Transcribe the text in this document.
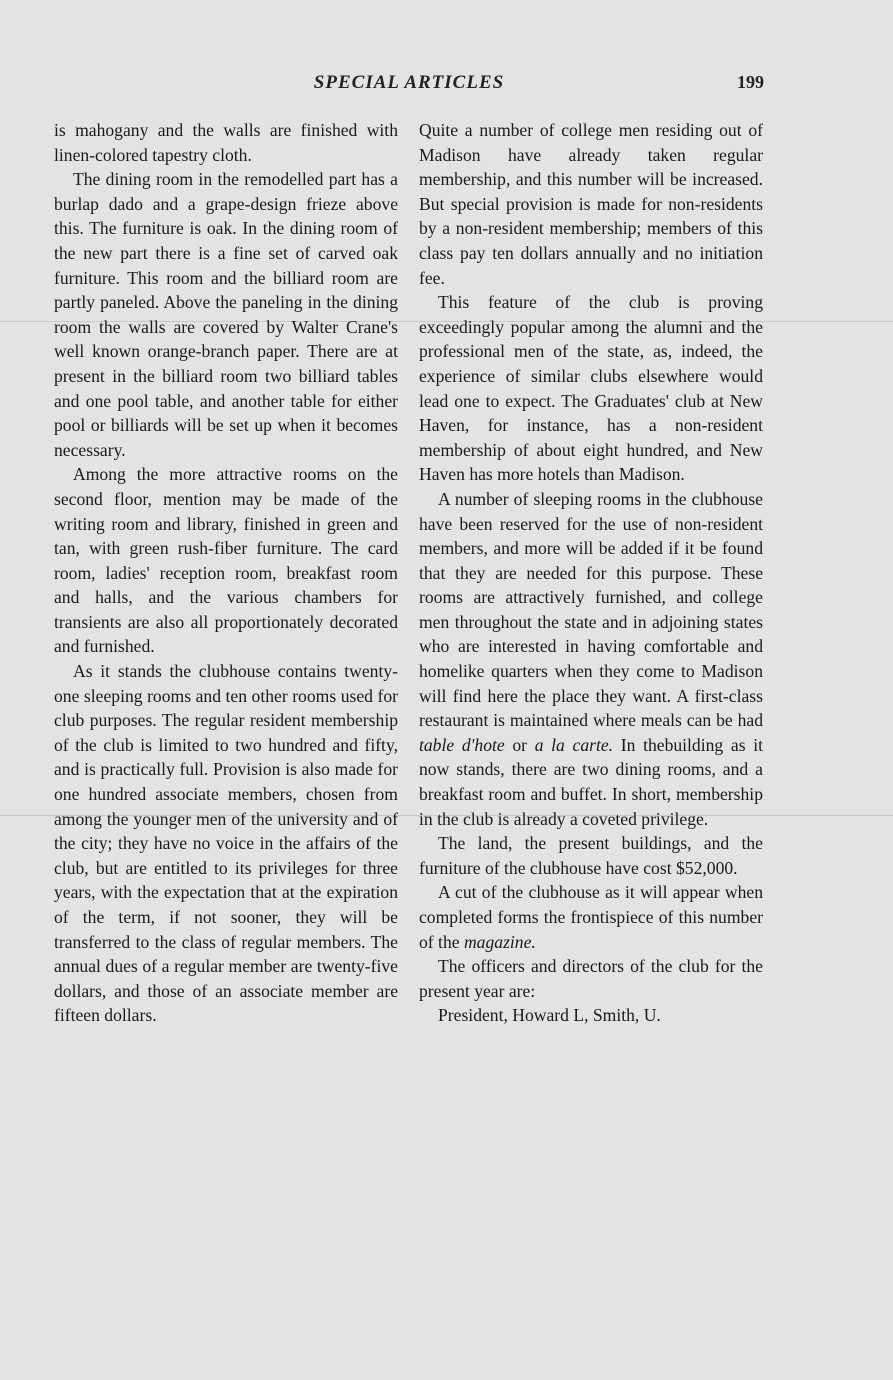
SPECIAL ARTICLES	199

is mahogany and the walls are finished with linen-colored tapestry cloth.

The dining room in the remodelled part has a burlap dado and a grape-design frieze above this. The furniture is oak. In the dining room of the new part there is a fine set of carved oak furniture. This room and the billiard room are partly paneled. Above the paneling in the dining room the walls are covered by Walter Crane's well known orange-branch paper. There are at present in the billiard room two billiard tables and one pool table, and another table for either pool or billiards will be set up when it becomes necessary.

Among the more attractive rooms on the second floor, mention may be made of the writing room and library, finished in green and tan, with green rush-fiber furniture. The card room, ladies' reception room, breakfast room and halls, and the various chambers for transients are also all proportionately decorated and furnished.

As it stands the clubhouse contains twenty-one sleeping rooms and ten other rooms used for club purposes. The regular resident membership of the club is limited to two hundred and fifty, and is practically full. Provision is also made for one hundred associate members, chosen from among the younger men of the university and of the city; they have no voice in the affairs of the club, but are entitled to its privileges for three years, with the expectation that at the expiration of the term, if not sooner, they will be transferred to the class of regular members. The annual dues of a regular member are twenty-five dollars, and those of an associate member are fifteen dollars.

Quite a number of college men residing out of Madison have already taken regular membership, and this number will be increased. But special provision is made for non-residents by a non-resident membership; members of this class pay ten dollars annually and no initiation fee.

This feature of the club is proving exceedingly popular among the alumni and the professional men of the state, as, indeed, the experience of similar clubs elsewhere would lead one to expect. The Graduates' club at New Haven, for instance, has a non-resident membership of about eight hundred, and New Haven has more hotels than Madison.

A number of sleeping rooms in the clubhouse have been reserved for the use of non-resident members, and more will be added if it be found that they are needed for this purpose. These rooms are attractively furnished, and college men throughout the state and in adjoining states who are interested in having comfortable and homelike quarters when they come to Madison will find here the place they want. A first-class restaurant is maintained where meals can be had table d'hote or a la carte. In thebuilding as it now stands, there are two dining rooms, and a breakfast room and buffet. In short, membership in the club is already a coveted privilege.

The land, the present buildings, and the furniture of the clubhouse have cost $52,000.

A cut of the clubhouse as it will appear when completed forms the frontispiece of this number of the magazine.

The officers and directors of the club for the present year are:

President, Howard L, Smith, U.
